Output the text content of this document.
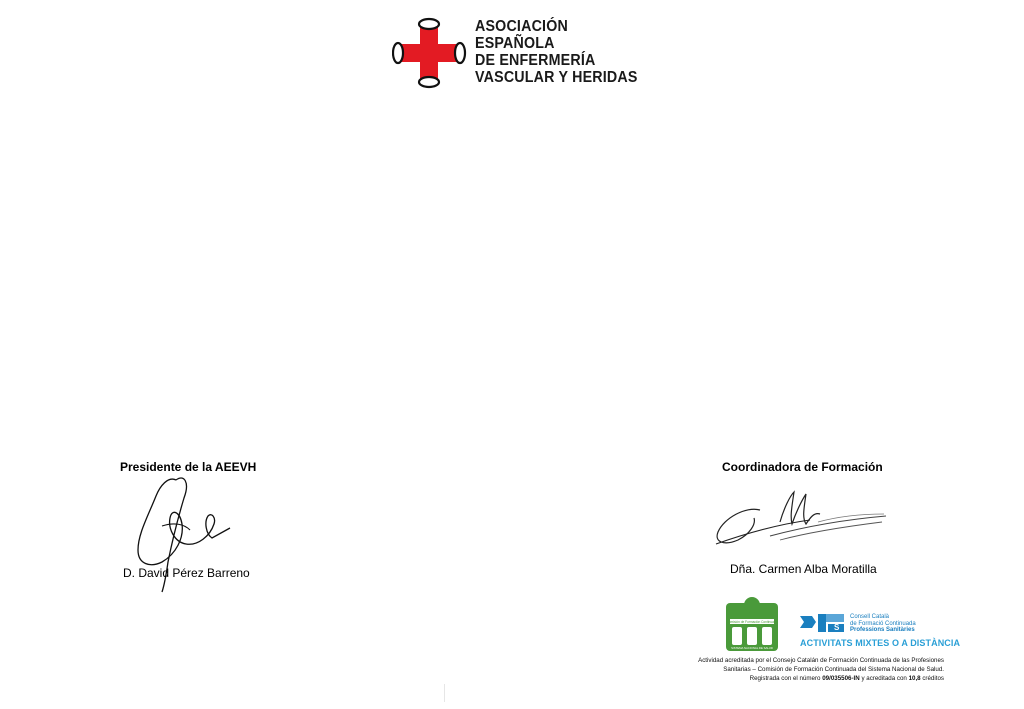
ASOCIACIÓN
ESPAÑOLA
DE ENFERMERÍA
VASCULAR Y HERIDAS
Presidente de la AEEVH
D. David Pérez Barreno
Coordinadora de Formación
Dña. Carmen Alba Moratilla
Comisión de Formación Continuada
SISTEMA NACIONAL DE SALUD
S
Consell Català
de Formació Continuada
Professions Sanitàries
ACTIVITATS MIXTES O A DISTÀNCIA
Actividad acreditada por el Consejo Catalán de Formación Continuada de las Profesiones
Sanitarias – Comisión de Formación Continuada del Sistema Nacional de Salud.
Registrada con el número 09/035506-IN y acreditada con 10,8 créditos
